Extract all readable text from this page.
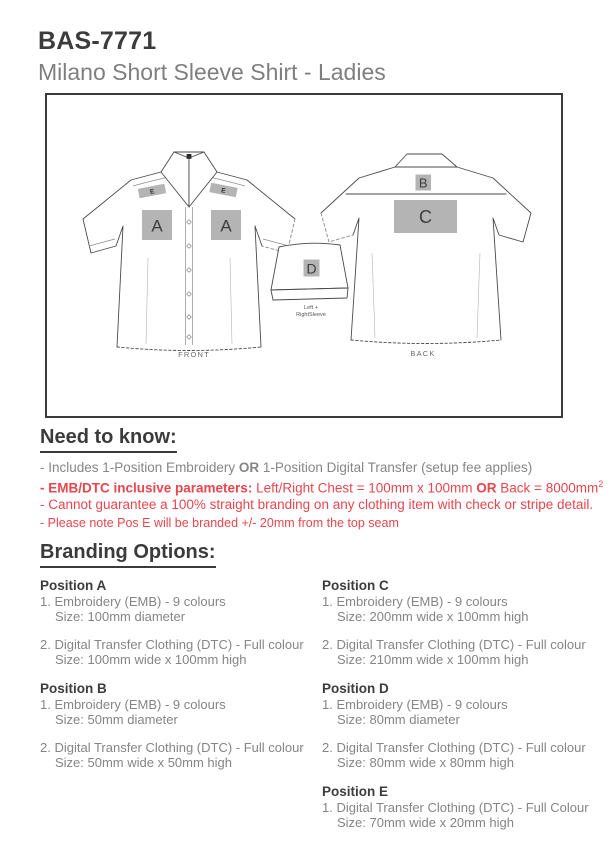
BAS-7771
Milano Short Sleeve Shirt - Ladies
E	E
A	A
FRONT
B
C
BACK
D
Left +
RightSleeve
Need to know:
- Includes 1-Position Embroidery OR 1-Position Digital Transfer (setup fee applies)
- EMB/DTC inclusive parameters: Left/Right Chest = 100mm x 100mm OR Back = $8000mm^2$
- Cannot guarantee a 100% straight branding on any clothing item with check or stripe detail.
- Please note Pos E will be branded +/- 20mm from the top seam
Branding Options:
Position A
1. Embroidery (EMB) - 9 colours
Size: 100mm diameter
2. Digital Transfer Clothing (DTC) - Full colour
Size: 100mm wide x 100mm high
Position B
1. Embroidery (EMB) - 9 colours
Size: 50mm diameter
2. Digital Transfer Clothing (DTC) - Full colour
Size: 50mm wide x 50mm high
Position C
1. Embroidery (EMB) - 9 colours
Size: 200mm wide x 100mm high
2. Digital Transfer Clothing (DTC) - Full colour
Size: 210mm wide x 100mm high
Position D
1. Embroidery (EMB) - 9 colours
Size: 80mm diameter
2. Digital Transfer Clothing (DTC) - Full colour
Size: 80mm wide x 80mm high
Position E
1. Digital Transfer Clothing (DTC) - Full Colour
Size: 70mm wide x 20mm high
